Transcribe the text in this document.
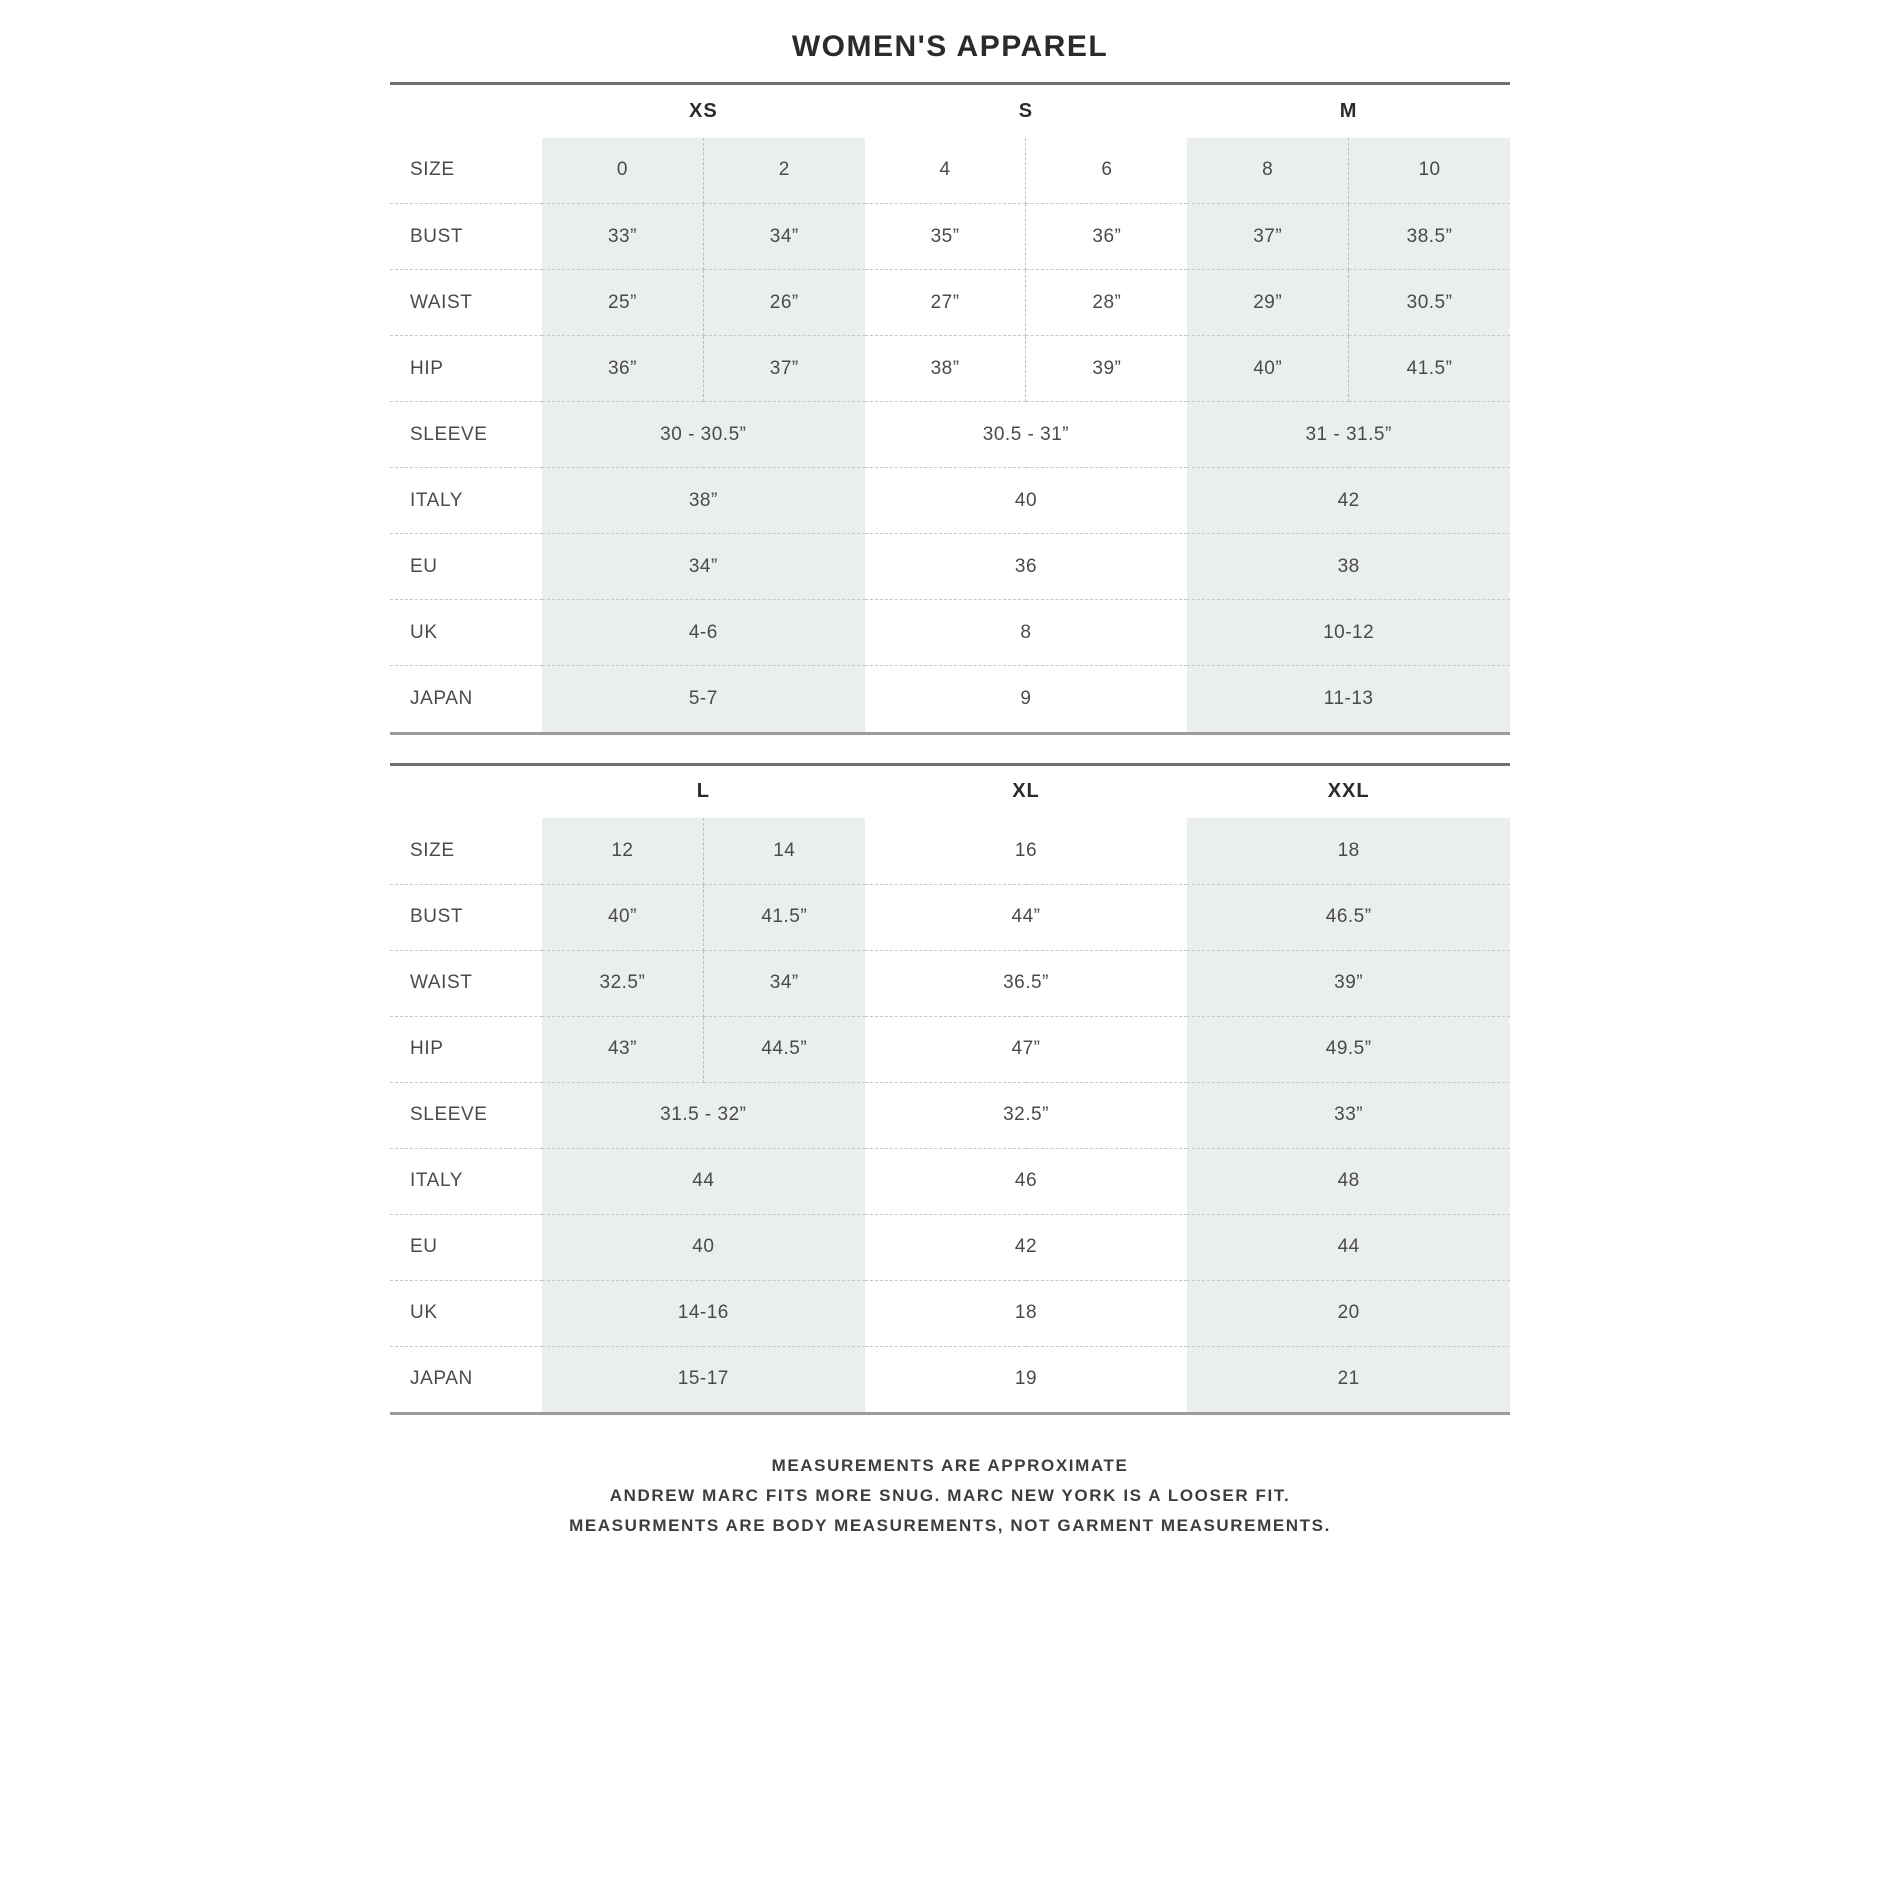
WOMEN'S APPAREL
	XS		S		M	
SIZE	0	2	4	6	8	10
BUST	33”	34”	35”	36”	37”	38.5”
WAIST	25”	26”	27”	28”	29”	30.5”
HIP	36”	37”	38”	39”	40”	41.5”
SLEEVE	30 - 30.5”		30.5 - 31”		31 - 31.5”	
ITALY	38”		40		42	
EU	34”		36		38	
UK	4-6		8		10-12	
JAPAN	5-7		9		11-13	
	L		XL	XXL
SIZE	12	14	16	18
BUST	40”	41.5”	44”	46.5”
WAIST	32.5”	34”	36.5”	39”
HIP	43”	44.5”	47”	49.5”
SLEEVE	31.5 - 32”		32.5”	33”
ITALY	44		46	48
EU	40		42	44
UK	14-16		18	20
JAPAN	15-17		19	21
MEASUREMENTS ARE APPROXIMATE
ANDREW MARC FITS MORE SNUG. MARC NEW YORK IS A LOOSER FIT.
MEASURMENTS ARE BODY MEASUREMENTS, NOT GARMENT MEASUREMENTS.
